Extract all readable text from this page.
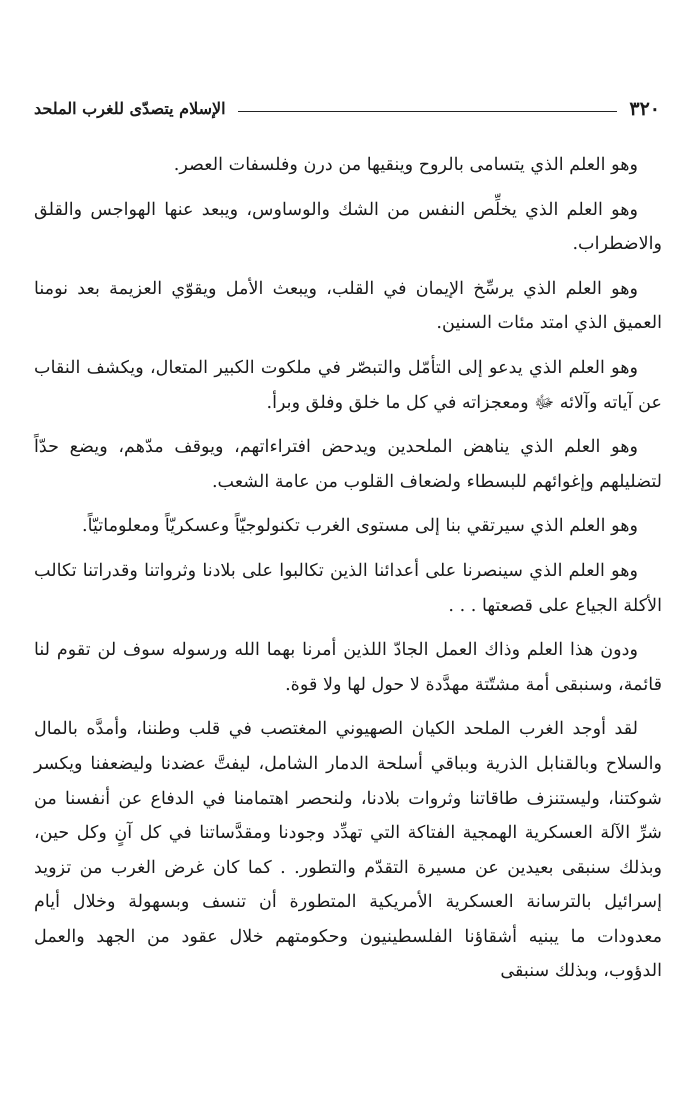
الإسلام يتصدّى للغرب الملحد	٣٢٠

وهو العلم الذي يتسامى بالروح وينقيها من درن وفلسفات العصر.

وهو العلم الذي يخلِّص النفس من الشك والوساوس، ويبعد عنها الهواجس والقلق والاضطراب.

وهو العلم الذي يرسِّخ الإيمان في القلب، ويبعث الأمل ويقوّي العزيمة بعد نومنا العميق الذي امتد مئات السنين.

وهو العلم الذي يدعو إلى التأمّل والتبصّر في ملكوت الكبير المتعال، ويكشف النقاب عن آياته وآلائه ﷻ ومعجزاته في كل ما خلق وفلق وبرأ.

وهو العلم الذي يناهض الملحدين ويدحض افتراءاتهم، ويوقف مدّهم، ويضع حدّاً لتضليلهم وإغوائهم للبسطاء ولضعاف القلوب من عامة الشعب.

وهو العلم الذي سيرتقي بنا إلى مستوى الغرب تكنولوجيّاً وعسكريّاً ومعلوماتيّاً.

وهو العلم الذي سينصرنا على أعدائنا الذين تكالبوا على بلادنا وثرواتنا وقدراتنا تكالب الأكلة الجياع على قصعتها . . .

ودون هذا العلم وذاك العمل الجادّ اللذين أمرنا بهما الله ورسوله سوف لن تقوم لنا قائمة، وسنبقى أمة مشتّتة مهدَّدة لا حول لها ولا قوة.

لقد أوجد الغرب الملحد الكيان الصهيوني المغتصب في قلب وطننا، وأمدَّه بالمال والسلاح وبالقنابل الذرية وبباقي أسلحة الدمار الشامل، ليفتَّ عضدنا وليضعفنا ويكسر شوكتنا، وليستنزف طاقاتنا وثروات بلادنا، ولنحصر اهتمامنا في الدفاع عن أنفسنا من شرِّ الآلة العسكرية الهمجية الفتاكة التي تهدِّد وجودنا ومقدَّساتنا في كل آنٍ وكل حين، وبذلك سنبقى بعيدين عن مسيرة التقدّم والتطور. . كما كان غرض الغرب من تزويد إسرائيل بالترسانة العسكرية الأمريكية المتطورة أن تنسف وبسهولة وخلال أيام معدودات ما يبنيه أشقاؤنا الفلسطينيون وحكومتهم خلال عقود من الجهد والعمل الدؤوب، وبذلك سنبقى
